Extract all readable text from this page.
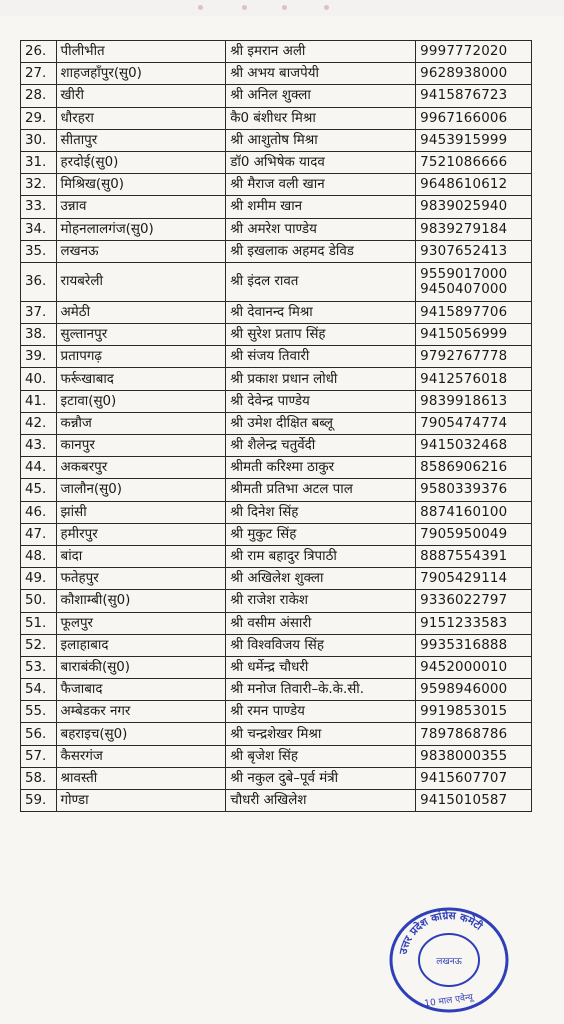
26.	पीलीभीत	श्री इमरान अली	9997772020

27.	शाहजहाँपुर(सु0)	श्री अभय बाजपेयी	9628938000

28.	खीरी	श्री अनिल शुक्ला	9415876723

29.	धौरहरा	कै0 बंशीधर मिश्रा	9967166006

30.	सीतापुर	श्री आशुतोष मिश्रा	9453915999

31.	हरदोई(सु0)	डॉ0 अभिषेक यादव	7521086666

32.	मिश्रिख(सु0)	श्री मैराज वली खान	9648610612

33.	उन्नाव	श्री शमीम खान	9839025940

34.	मोहनलालगंज(सु0)	श्री अमरेश पाण्डेय	9839279184

35.	लखनऊ	श्री इखलाक अहमद डेविड	9307652413

36.	रायबरेली	श्री इंदल रावत	9559017000
9450407000

37.	अमेठी	श्री देवानन्द मिश्रा	9415897706

38.	सुल्तानपुर	श्री सुरेश प्रताप सिंह	9415056999

39.	प्रतापगढ़	श्री संजय तिवारी	9792767778

40.	फर्रूखाबाद	श्री प्रकाश प्रधान लोधी	9412576018

41.	इटावा(सु0)	श्री देवेन्द्र पाण्डेय	9839918613

42.	कन्नौज	श्री उमेश दीक्षित बब्लू	7905474774

43.	कानपुर	श्री शैलेन्द्र चतुर्वेदी	9415032468

44.	अकबरपुर	श्रीमती करिश्मा ठाकुर	8586906216

45.	जालौन(सु0)	श्रीमती प्रतिभा अटल पाल	9580339376

46.	झांसी	श्री दिनेश सिंह	8874160100

47.	हमीरपुर	श्री मुकुट सिंह	7905950049

48.	बांदा	श्री राम बहादुर त्रिपाठी	8887554391

49.	फतेहपुर	श्री अखिलेश शुक्ला	7905429114

50.	कौशाम्बी(सु0)	श्री राजेश राकेश	9336022797

51.	फूलपुर	श्री वसीम अंसारी	9151233583

52.	इलाहाबाद	श्री विश्वविजय सिंह	9935316888

53.	बाराबंकी(सु0)	श्री धर्मेन्द्र चौधरी	9452000010

54.	फैजाबाद	श्री मनोज तिवारी–के.के.सी.	9598946000

55.	अम्बेडकर नगर	श्री रमन पाण्डेय	9919853015

56.	बहराइच(सु0)	श्री चन्द्रशेखर मिश्रा	7897868786

57.	कैसरगंज	श्री बृजेश सिंह	9838000355

58.	श्रावस्ती	श्री नकुल दुबे–पूर्व मंत्री	9415607707

59.	गोण्डा	चौधरी अखिलेश	9415010587
उत्तर प्रदेश कांग्रेस कमेटी
लखनऊ
10 माल एवेन्यू
